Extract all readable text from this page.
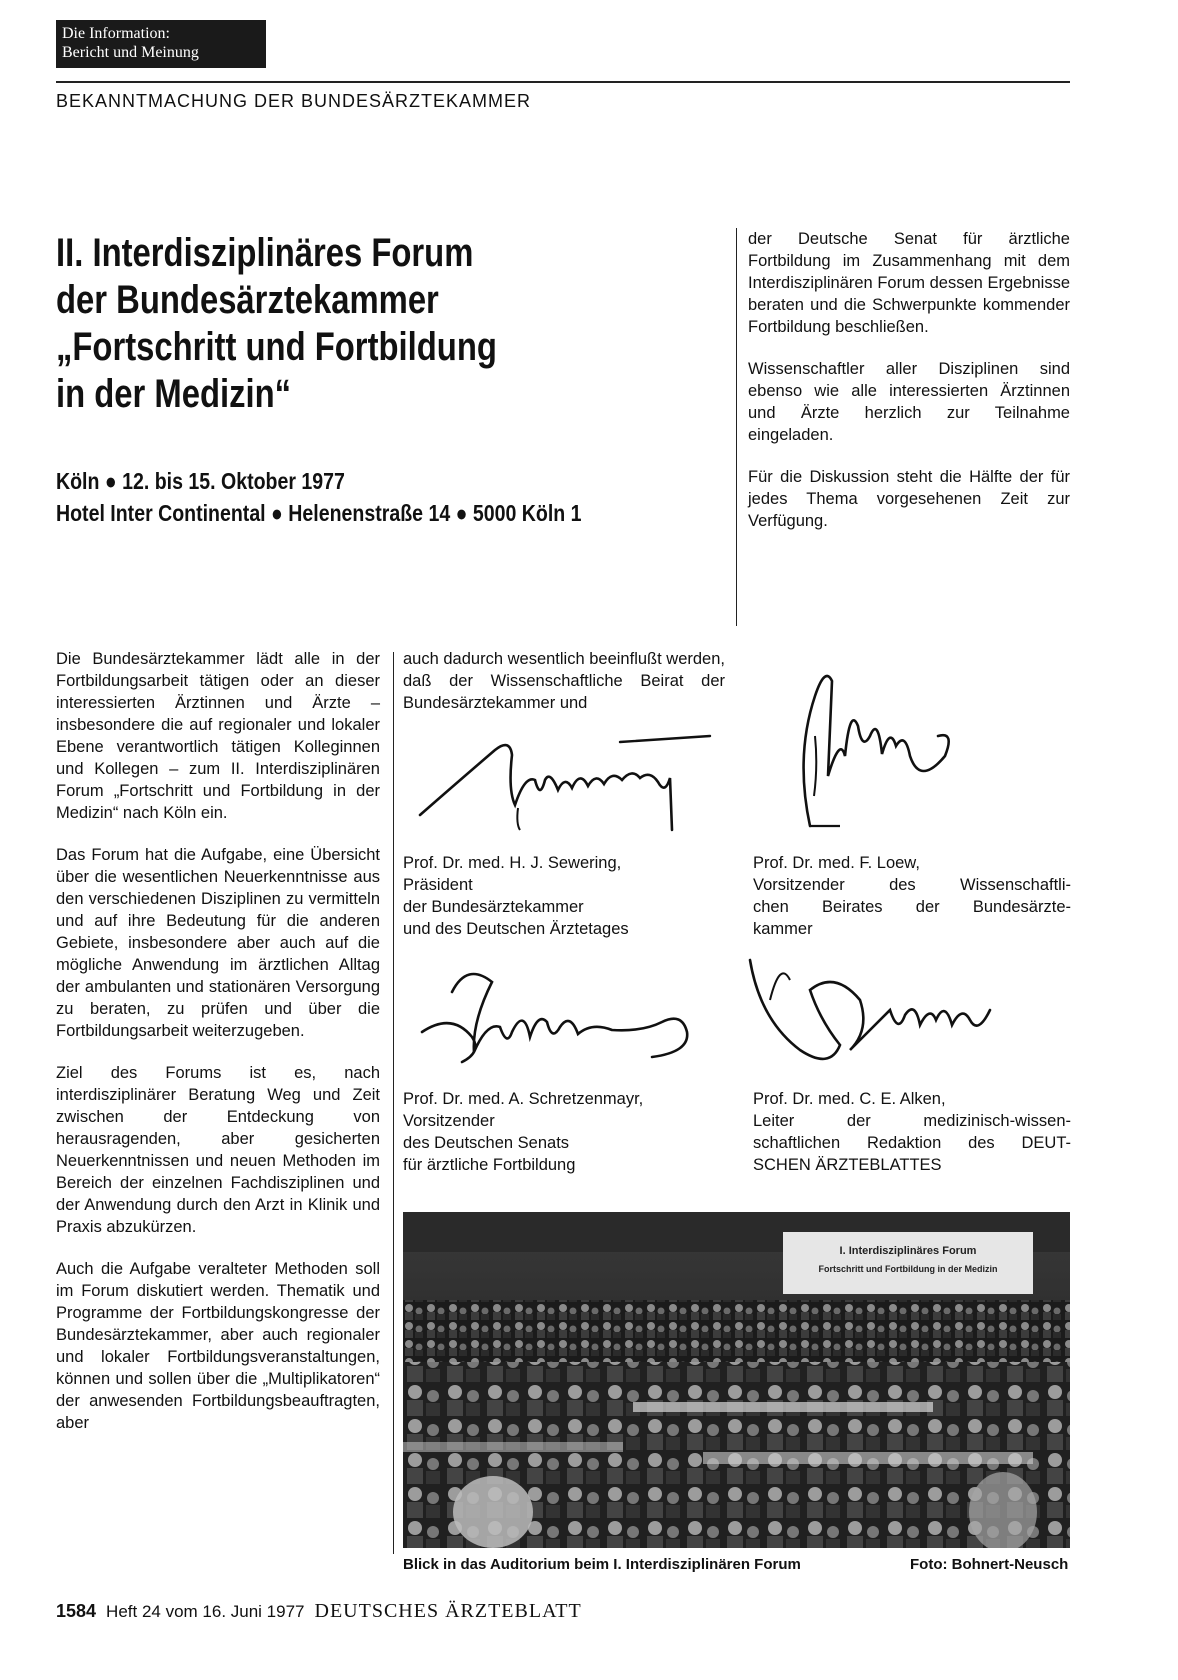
Die Information:
Bericht und Meinung
BEKANNTMACHUNG DER BUNDESÄRZTEKAMMER
II. Interdisziplinäres Forum
der Bundesärztekammer
„Fortschritt und Fortbildung
in der Medizin“
Köln ● 12. bis 15. Oktober 1977
Hotel Inter Continental ● Helenenstraße 14 ● 5000 Köln 1

der Deutsche Senat für ärztliche Fortbildung im Zusammenhang mit dem Interdisziplinären Forum dessen Ergebnisse beraten und die Schwerpunkte kommender Fortbildung beschließen.

Wissenschaftler aller Disziplinen sind ebenso wie alle interessierten Ärztinnen und Ärzte herzlich zur Teilnahme eingeladen.

Für die Diskussion steht die Hälfte der für jedes Thema vorgesehenen Zeit zur Verfügung.

Die Bundesärztekammer lädt alle in der Fortbildungsarbeit tätigen oder an dieser interessierten Ärztinnen und Ärzte – insbesondere die auf regionaler und lokaler Ebene verantwortlich tätigen Kolleginnen und Kollegen – zum II. Interdisziplinären Forum „Fortschritt und Fortbildung in der Medizin“ nach Köln ein.

Das Forum hat die Aufgabe, eine Übersicht über die wesentlichen Neuerkenntnisse aus den verschiedenen Disziplinen zu vermitteln und auf ihre Bedeutung für die anderen Gebiete, insbesondere aber auch auf die mögliche Anwendung im ärztlichen Alltag der ambulanten und stationären Versorgung zu beraten, zu prüfen und über die Fortbildungsarbeit weiterzugeben.

Ziel des Forums ist es, nach interdisziplinärer Beratung Weg und Zeit zwischen der Entdeckung von herausragenden, aber gesicherten Neuerkenntnissen und neuen Methoden im Bereich der einzelnen Fachdisziplinen und der Anwendung durch den Arzt in Klinik und Praxis abzukürzen.

Auch die Aufgabe veralteter Methoden soll im Forum diskutiert werden. Thematik und Programme der Fortbildungskongresse der Bundesärztekammer, aber auch regionaler und lokaler Fortbildungsveranstaltungen, können und sollen über die „Multiplikatoren“ der anwesenden Fortbildungsbeauftragten, aber

auch dadurch wesentlich beeinflußt werden, daß der Wissenschaftliche Beirat der Bundesärztekammer und

Prof. Dr. med. H. J. Sewering,
Präsident
der Bundesärztekammer
und des Deutschen Ärztetages
Prof. Dr. med. F. Loew,
Vorsitzender des Wissenschaftli-
chen Beirates der Bundesärzte-
kammer
Prof. Dr. med. A. Schretzenmayr,
Vorsitzender
des Deutschen Senats
für ärztliche Fortbildung
Prof. Dr. med. C. E. Alken,
Leiter der medizinisch-wissen-
schaftlichen Redaktion des DEUT-
SCHEN ÄRZTEBLATTES
I. Interdisziplinäres Forum
Fortschritt und Fortbildung in der Medizin
Blick in das Auditorium beim I. Interdisziplinären Forum	Foto: Bohnert-Neusch
1584 Heft 24 vom 16. Juni 1977 DEUTSCHES ÄRZTEBLATT
